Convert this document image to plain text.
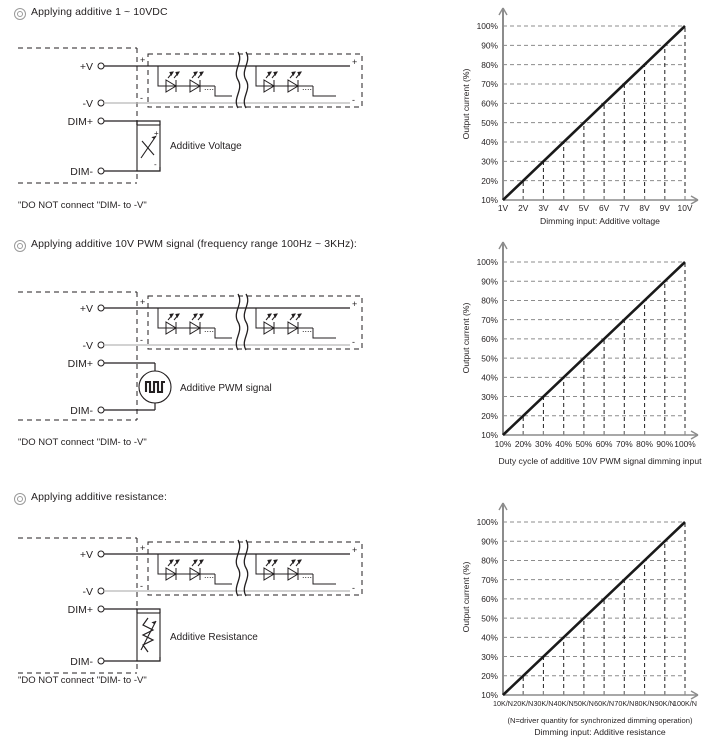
Applying additive 1 ~ 10VDC
+V
-V
DIM+
DIM-
+
-
+
-
....	....
+
-
Additive Voltage
"DO NOT connect "DIM- to -V"
Applying additive 10V PWM signal (frequency range 100Hz ~ 3KHz):
+V
-V
DIM+
DIM-
+
-
+
-
....	....
Additive PWM signal
"DO NOT connect "DIM- to -V"
Applying additive resistance:
+V
-V
DIM+
DIM-
+
-
+
-
....	....
Additive Resistance
"DO NOT connect "DIM- to -V"
10%
20%
30%
40%
50%
60%
70%
80%
90%
100%
1V 2V 3V 4V 5V 6V 7V 8V 9V 10V
Output current (%)
Dimming input: Additive voltage
10%
20%
30%
40%
50%
60%
70%
80%
90%
100%
10% 20% 30% 40% 50% 60% 70% 80% 90% 100%
Output current (%)
Duty cycle of additive 10V PWM signal dimming input
10%
20%
30%
40%
50%
60%
70%
80%
90%
100%
10K/N 20K/N 30K/N 40K/N 50K/N 60K/N 70K/N 80K/N 90K/N
100K/N
Output current (%)
(N=driver quantity for synchronized dimming operation)
Dimming input: Additive resistance
